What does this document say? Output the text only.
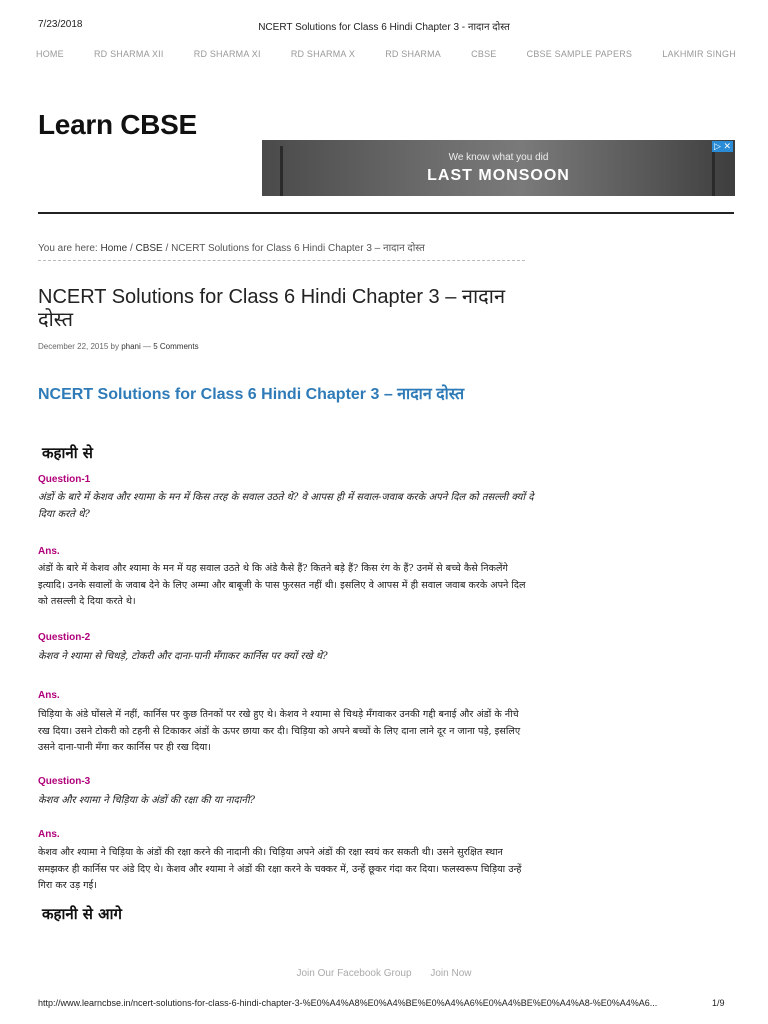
7/23/2018	NCERT Solutions for Class 6 Hindi Chapter 3 - नादान दोस्त
HOME	RD SHARMA XII	RD SHARMA XI	RD SHARMA X	RD SHARMA	CBSE	CBSE SAMPLE PAPERS	LAKHMIR SINGH
Learn CBSE
We know what you did
LAST MONSOON
▷ ✕
You are here: Home / CBSE / NCERT Solutions for Class 6 Hindi Chapter 3 – नादान दोस्त
NCERT Solutions for Class 6 Hindi Chapter 3 – नादान दोस्त
December 22, 2015 by phani — 5 Comments
NCERT Solutions for Class 6 Hindi Chapter 3 – नादान दोस्त
कहानी से
Question-1
अंडों के बारे में केशव और श्यामा के मन में किस तरह के सवाल उठते थे? वे आपस ही में सवाल-जवाब करके अपने दिल को तसल्ली क्यों दे दिया करते थे?
Ans.
अंडों के बारे में केशव और श्यामा के मन में यह सवाल उठते थे कि अंडे कैसे हैं? कितने बड़े हैं? किस रंग के हैं? उनमें से बच्चे कैसे निकलेंगे इत्यादि। उनके सवालों के जवाब देने के लिए अम्मा और बाबूजी के पास फुरसत नहीं थी। इसलिए वे आपस में ही सवाल जवाब करके अपने दिल को तसल्ली दे दिया करते थे।
Question-2
केशव ने श्यामा से चिथड़े, टोकरी और दाना-पानी मँगाकर कार्निस पर क्यों रखे थे?
Ans.
चिड़िया के अंडे घोंसले में नहीं, कार्निस पर कुछ तिनकों पर रखे हुए थे। केशव ने श्यामा से चिथड़े मँगवाकर उनकी गद्दी बनाई और अंडों के नीचे रख दिया। उसने टोकरी को टहनी से टिकाकर अंडों के ऊपर छाया कर दी। चिड़िया को अपने बच्चों के लिए दाना लाने दूर न जाना पड़े, इसलिए उसने दाना-पानी मँगा कर कार्निस पर ही रख दिया।
Question-3
केशव और श्यामा ने चिड़िया के अंडों की रक्षा की या नादानी?
Ans.
केशव और श्यामा ने चिड़िया के अंडों की रक्षा करने की नादानी की। चिड़िया अपने अंडों की रक्षा स्वयं कर सकती थी। उसने सुरक्षित स्थान समझकर ही कार्निस पर अंडे दिए थे। केशव और श्यामा ने अंडों की रक्षा करने के चक्कर में, उन्हें छूकर गंदा कर दिया। फलस्वरूप चिड़िया उन्हें गिरा कर उड़ गई।
कहानी से आगे
Join Our Facebook Group Join Now
http://www.learncbse.in/ncert-solutions-for-class-6-hindi-chapter-3-%E0%A4%A8%E0%A4%BE%E0%A4%A6%E0%A4%BE%E0%A4%A8-%E0%A4%A6...	1/9
